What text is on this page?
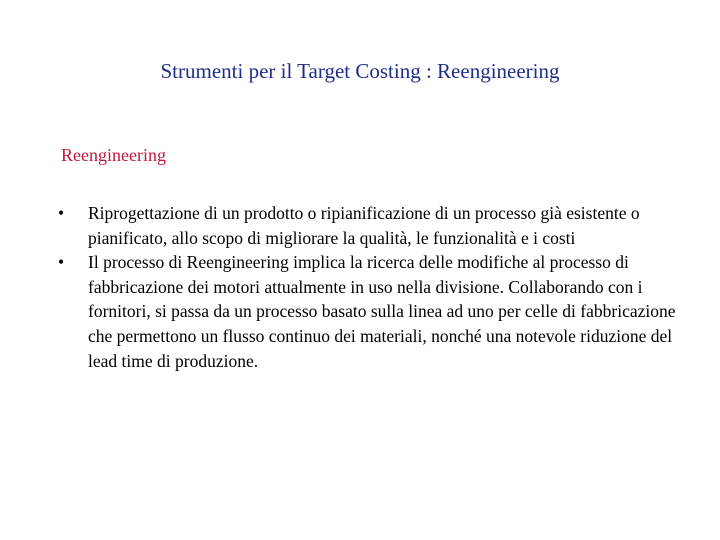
Strumenti per il Target Costing : Reengineering
Reengineering
• Riprogettazione di un prodotto o ripianificazione di un processo già esistente o pianificato, allo scopo di migliorare la qualità, le funzionalità e i costi
• Il processo di Reengineering implica la ricerca delle modifiche al processo di fabbricazione dei motori attualmente in uso nella divisione. Collaborando con i fornitori, si passa da un processo basato sulla linea ad uno per celle di fabbricazione che permettono un flusso continuo dei materiali, nonché una notevole riduzione del lead time di produzione.
